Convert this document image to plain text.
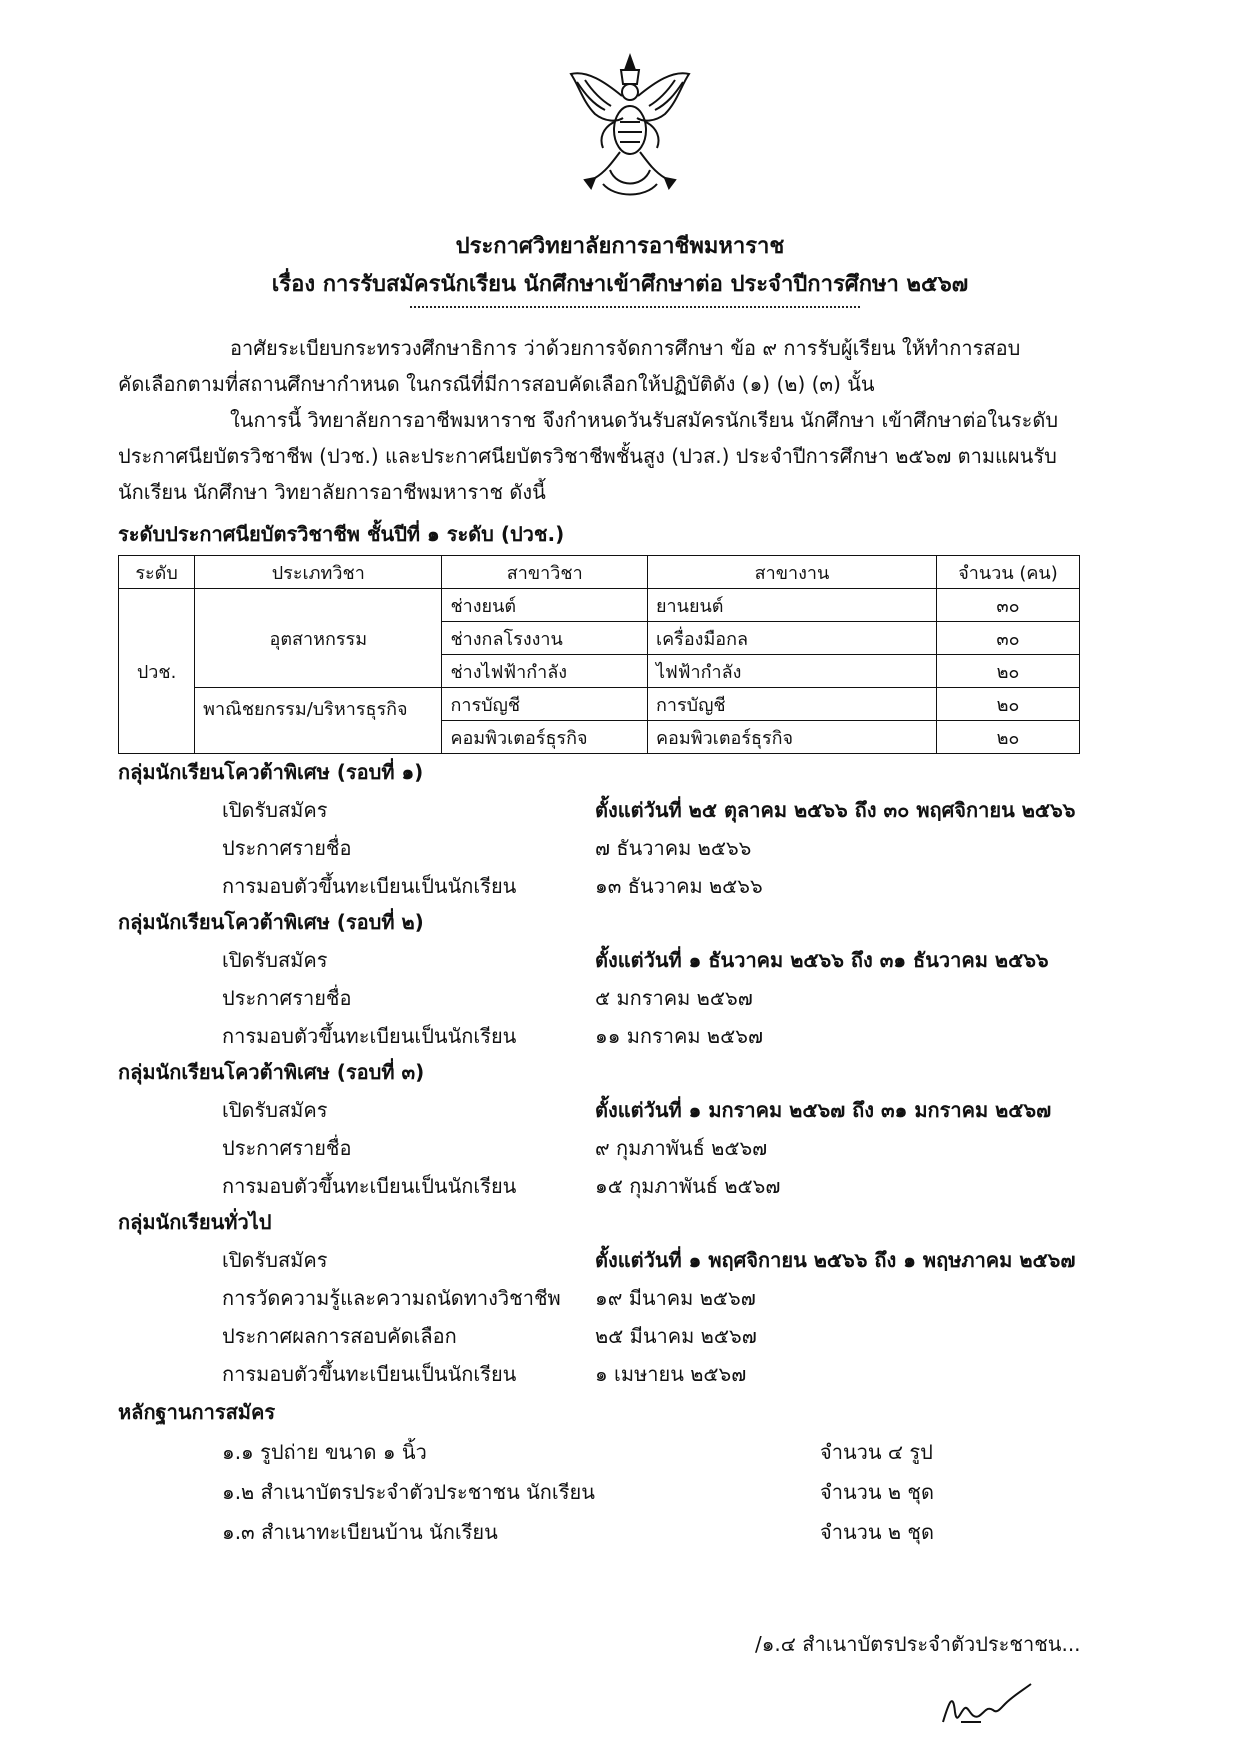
ประกาศวิทยาลัยการอาชีพมหาราช
เรื่อง การรับสมัครนักเรียน นักศึกษาเข้าศึกษาต่อ ประจำปีการศึกษา ๒๕๖๗
อาศัยระเบียบกระทรวงศึกษาธิการ ว่าด้วยการจัดการศึกษา ข้อ ๙ การรับผู้เรียน ให้ทำการสอบ
คัดเลือกตามที่สถานศึกษากำหนด ในกรณีที่มีการสอบคัดเลือกให้ปฏิบัติดัง (๑) (๒) (๓) นั้น
ในการนี้ วิทยาลัยการอาชีพมหาราช จึงกำหนดวันรับสมัครนักเรียน นักศึกษา เข้าศึกษาต่อในระดับ
ประกาศนียบัตรวิชาชีพ (ปวช.) และประกาศนียบัตรวิชาชีพชั้นสูง (ปวส.) ประจำปีการศึกษา ๒๕๖๗ ตามแผนรับ
นักเรียน นักศึกษา วิทยาลัยการอาชีพมหาราช ดังนี้
ระดับประกาศนียบัตรวิชาชีพ ชั้นปีที่ ๑ ระดับ (ปวช.)
ระดับ	ประเภทวิชา	สาขาวิชา	สาขางาน	จำนวน (คน)
ปวช.	อุตสาหกรรม	ช่างยนต์	ยานยนต์	๓๐
		ช่างกลโรงงาน	เครื่องมือกล	๓๐
		ช่างไฟฟ้ากำลัง	ไฟฟ้ากำลัง	๒๐
	พาณิชยกรรม/บริหารธุรกิจ	การบัญชี	การบัญชี	๒๐
		คอมพิวเตอร์ธุรกิจ	คอมพิวเตอร์ธุรกิจ	๒๐
กลุ่มนักเรียนโควต้าพิเศษ (รอบที่ ๑)
เปิดรับสมัคร	ตั้งแต่วันที่ ๒๕ ตุลาคม ๒๕๖๖ ถึง ๓๐ พฤศจิกายน ๒๕๖๖
ประกาศรายชื่อ	๗ ธันวาคม ๒๕๖๖
การมอบตัวขึ้นทะเบียนเป็นนักเรียน	๑๓ ธันวาคม ๒๕๖๖
กลุ่มนักเรียนโควต้าพิเศษ (รอบที่ ๒)
เปิดรับสมัคร	ตั้งแต่วันที่ ๑ ธันวาคม ๒๕๖๖ ถึง ๓๑ ธันวาคม ๒๕๖๖
ประกาศรายชื่อ	๕ มกราคม ๒๕๖๗
การมอบตัวขึ้นทะเบียนเป็นนักเรียน	๑๑ มกราคม ๒๕๖๗
กลุ่มนักเรียนโควต้าพิเศษ (รอบที่ ๓)
เปิดรับสมัคร	ตั้งแต่วันที่ ๑ มกราคม ๒๕๖๗ ถึง ๓๑ มกราคม ๒๕๖๗
ประกาศรายชื่อ	๙ กุมภาพันธ์ ๒๕๖๗
การมอบตัวขึ้นทะเบียนเป็นนักเรียน	๑๕ กุมภาพันธ์ ๒๕๖๗
กลุ่มนักเรียนทั่วไป
เปิดรับสมัคร	ตั้งแต่วันที่ ๑ พฤศจิกายน ๒๕๖๖ ถึง ๑ พฤษภาคม ๒๕๖๗
การวัดความรู้และความถนัดทางวิชาชีพ ๑๙ มีนาคม ๒๕๖๗
ประกาศผลการสอบคัดเลือก	๒๕ มีนาคม ๒๕๖๗
การมอบตัวขึ้นทะเบียนเป็นนักเรียน	๑ เมษายน ๒๕๖๗
หลักฐานการสมัคร
๑.๑ รูปถ่าย ขนาด ๑ นิ้ว	จำนวน ๔ รูป
๑.๒ สำเนาบัตรประจำตัวประชาชน นักเรียน	จำนวน ๒ ชุด
๑.๓ สำเนาทะเบียนบ้าน นักเรียน	จำนวน ๒ ชุด
/๑.๔ สำเนาบัตรประจำตัวประชาชน...
